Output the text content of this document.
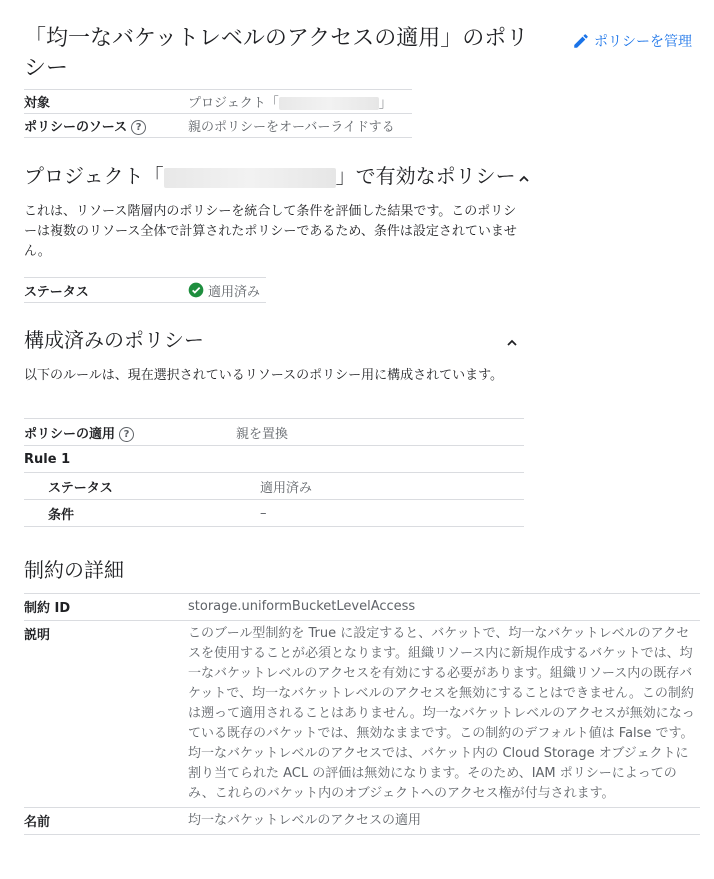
「均一なバケットレベルのアクセスの適用」のポリシー
ポリシーを管理
対象	プロジェクト「 」
ポリシーのソース ?	親のポリシーをオーバーライドする
プロジェクト「	」で有効なポリシー

これは、リソース階層内のポリシーを統合して条件を評価した結果です。このポリシーは複数のリソース全体で計算されたポリシーであるため、条件は設定されていません。

ステータス	適用済み
構成済みのポリシー

以下のルールは、現在選択されているリソースのポリシー用に構成されています。

ポリシーの適用 ?	親を置換
Rule 1
ステータス	適用済み
条件	–
制約の詳細
制約 ID	storage.uniformBucketLevelAccess
説明	このブール型制約を True に設定すると、バケットで、均一なバケットレベルのアクセスを使用することが必須となります。組織リソース内に新規作成するバケットでは、均一なバケットレベルのアクセスを有効にする必要があります。組織リソース内の既存バケットで、均一なバケットレベルのアクセスを無効にすることはできません。この制約は遡って適用されることはありません。均一なバケットレベルのアクセスが無効になっている既存のバケットでは、無効なままです。この制約のデフォルト値は False です。均一なバケットレベルのアクセスでは、バケット内の Cloud Storage オブジェクトに割り当てられた ACL の評価は無効になります。そのため、IAM ポリシーによってのみ、これらのバケット内のオブジェクトへのアクセス権が付与されます。
名前	均一なバケットレベルのアクセスの適用
